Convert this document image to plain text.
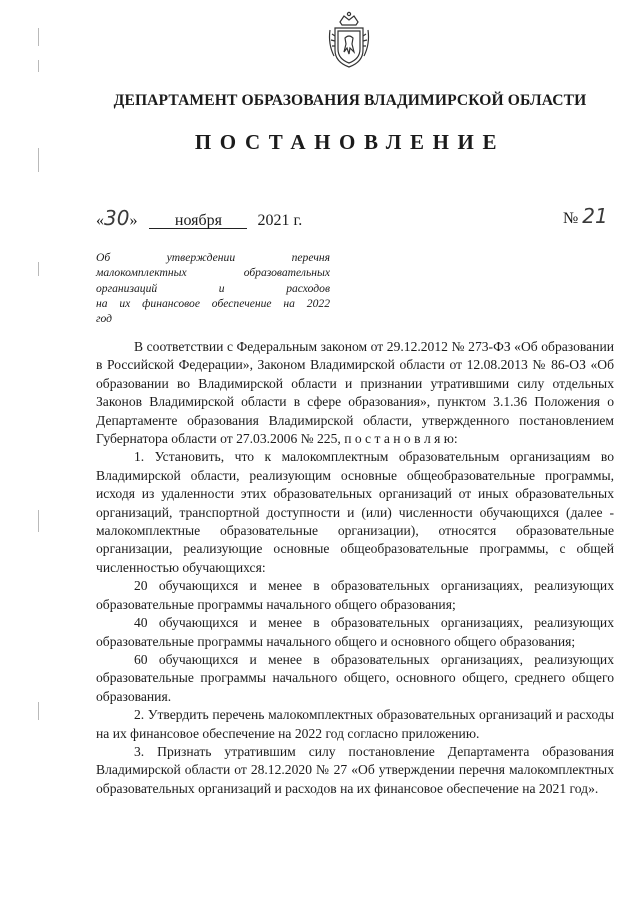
ДЕПАРТАМЕНТ ОБРАЗОВАНИЯ ВЛАДИМИРСКОЙ ОБЛАСТИ
ПОСТАНОВЛЕНИЕ
«30» ноября 2021 г.	№ 21
Об утверждении перечня
малокомплектных образовательных
организаций и расходов
на их финансовое обеспечение на 2022
год

В соответствии с Федеральным законом от 29.12.2012 № 273-ФЗ «Об образовании в Российской Федерации», Законом Владимирской области от 12.08.2013 № 86-ОЗ «Об образовании во Владимирской области и признании утратившими силу отдельных Законов Владимирской области в сфере образования», пунктом 3.1.36 Положения о Департаменте образования Владимирской области, утвержденного постановлением Губернатора области от 27.03.2006 № 225, п о с т а н о в л я ю:

1. Установить, что к малокомплектным образовательным организациям во Владимирской области, реализующим основные общеобразовательные программы, исходя из удаленности этих образовательных организаций от иных образовательных организаций, транспортной доступности и (или) численности обучающихся (далее - малокомплектные образовательные организации), относятся образовательные организации, реализующие основные общеобразовательные программы, с общей численностью обучающихся:

20 обучающихся и менее в образовательных организациях, реализующих образовательные программы начального общего образования;

40 обучающихся и менее в образовательных организациях, реализующих образовательные программы начального общего и основного общего образования;

60 обучающихся и менее в образовательных организациях, реализующих образовательные программы начального общего, основного общего, среднего общего образования.

2. Утвердить перечень малокомплектных образовательных организаций и расходы на их финансовое обеспечение на 2022 год согласно приложению.

3. Признать утратившим силу постановление Департамента образования Владимирской области от 28.12.2020 № 27 «Об утверждении перечня малокомплектных образовательных организаций и расходов на их финансовое обеспечение на 2021 год».
